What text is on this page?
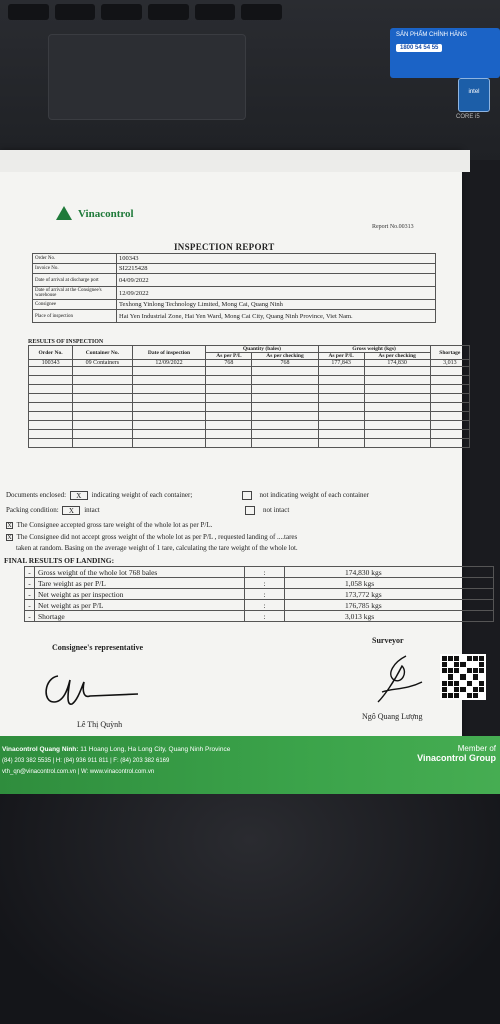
SẢN PHẨM CHÍNH HÃNG
1800 54 54 55
intel
CORE i5
Vinacontrol
Report No.00313
INSPECTION REPORT
Order No.	100343
Invoice No.	SI2215428
Date of arrival at discharge port	04/09/2022
Date of arrival at the Consignee's warehouse	12/09/2022
Consignee	Texhong Yinlong Technology Limited, Mong Cai, Quang Ninh
Place of inspection	Hai Yen Industrial Zone, Hai Yen Ward, Mong Cai City, Quang Ninh Province, Viet Nam.
RESULTS OF INSPECTION
Order No.	Container No.	Date of inspection	Quantity (bales)		Gross weight (kgs)		Shortage
			As per P/L	As per checking	As per P/L	As per checking	
100343	09 Containers	12/09/2022	768	768	177,843	174,830	3,013

Documents enclosed: X indicating weight of each container;	not indicating weight of each container
Packing condition: X intact	not intact
X The Consignee accepted gross tare weight of the whole lot as per P/L.
X The Consignee did not accept gross weight of the whole lot as per P/L , requested landing of ....tares
taken at random. Basing on the average weight of 1 tare, calculating the tare weight of the whole lot.
FINAL RESULTS OF LANDING:
-	Gross weight of the whole lot 768 bales	:	174,830 kgs
-	Tare weight as per P/L	:	1,058 kgs
-	Net weight as per inspection	:	173,772 kgs
-	Net weight as per P/L	:	176,785 kgs
-	Shortage	:	3,013 kgs
Consignee's representative
Surveyor
Lê Thị Quỳnh
Ngô Quang Lượng
Vinacontrol Quang Ninh: 11 Hoang Long, Ha Long City, Quang Ninh Province
(84) 203 382 5535 | H: (84) 936 911 811 | F: (84) 203 382 6169
vth_qn@vinacontrol.com.vn | W: www.vinacontrol.com.vn
Member of
Vinacontrol Group
